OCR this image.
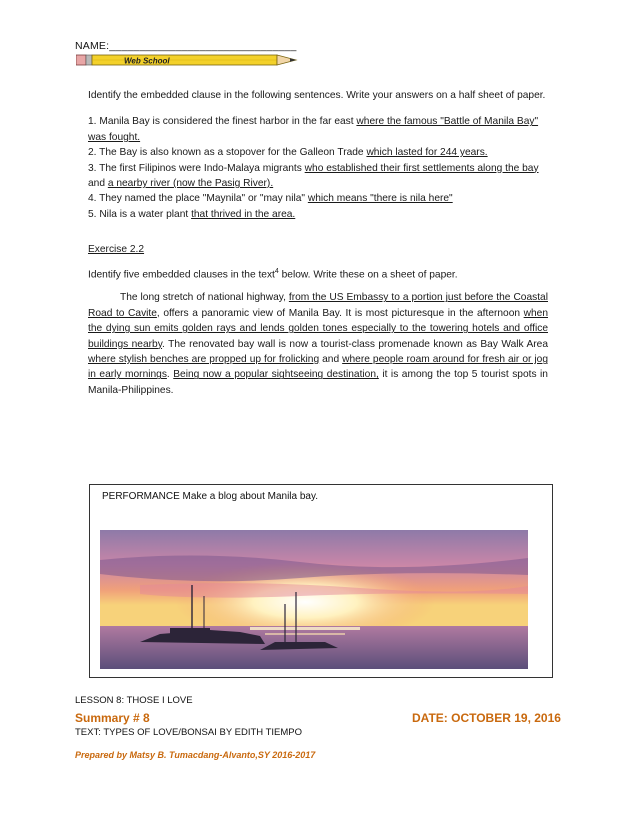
NAME:_______________________________
Web School

Identify the embedded clause in the following sentences. Write your answers on a half sheet of paper.

1. Manila Bay is considered the finest harbor in the far east where the famous "Battle of Manila Bay" was fought.

2. The Bay is also known as a stopover for the Galleon Trade which lasted for 244 years.

3. The first Filipinos were Indo-Malaya migrants who established their first settlements along the bay and a nearby river (now the Pasig River).

4. They named the place "Maynila" or "may nila" which means "there is nila here"

5. Nila is a water plant that thrived in the area.

Exercise 2.2

Identify five embedded clauses in the text$^4$ below. Write these on a sheet of paper.

The long stretch of national highway, from the US Embassy to a portion just before the Coastal Road to Cavite, offers a panoramic view of Manila Bay. It is most picturesque in the afternoon when the dying sun emits golden rays and lends golden tones especially to the towering hotels and office buildings nearby. The renovated bay wall is now a tourist-class promenade known as Bay Walk Area where stylish benches are propped up for frolicking and where people roam around for fresh air or jog in early mornings. Being now a popular sightseeing destination, it is among the top 5 tourist spots in Manila-Philippines.

PERFORMANCE Make a blog about Manila bay.
LESSON 8: THOSE I LOVE
Summary # 8	DATE: OCTOBER 19, 2016
TEXT: TYPES OF LOVE/BONSAI BY EDITH TIEMPO
Prepared by Matsy B. Tumacdang-Alvanto,SY 2016-2017
